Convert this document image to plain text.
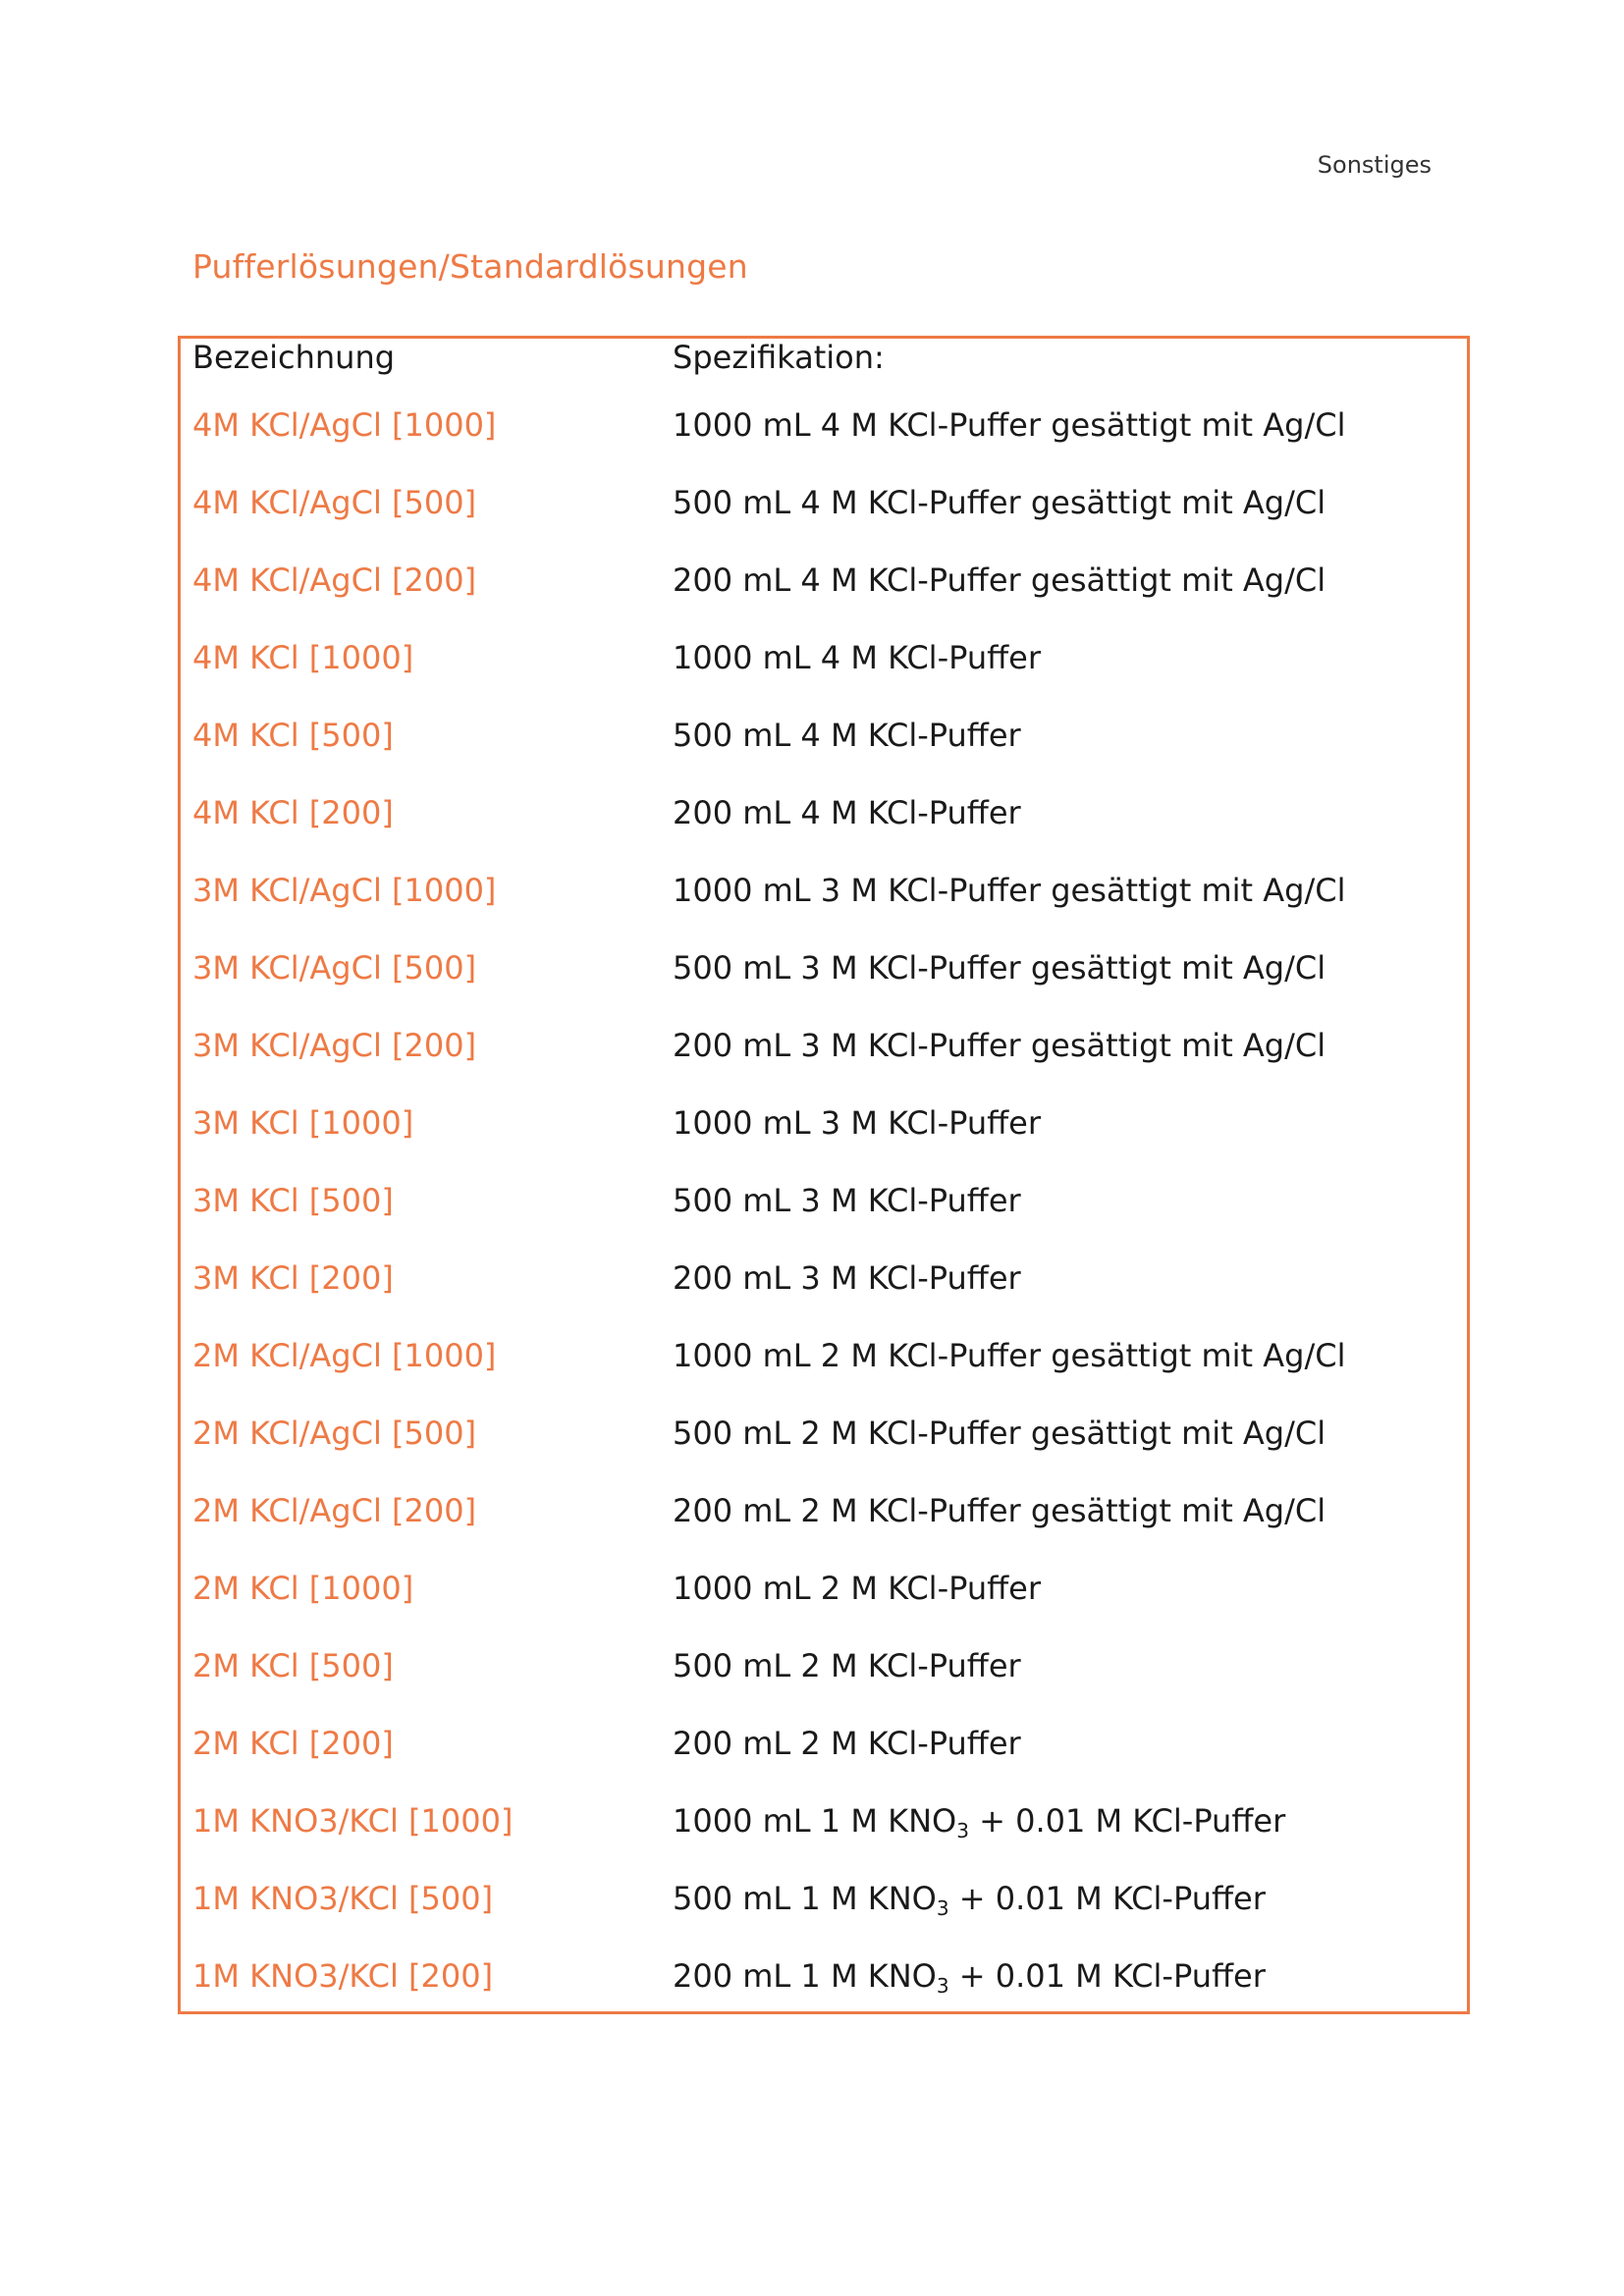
Sonstiges
Pufferlösungen/Standardlösungen
Bezeichnung	Spezifikation:
4M KCl/AgCl [1000]	1000 mL 4 M KCl-Puffer gesättigt mit Ag/Cl
4M KCl/AgCl [500]	500 mL 4 M KCl-Puffer gesättigt mit Ag/Cl
4M KCl/AgCl [200]	200 mL 4 M KCl-Puffer gesättigt mit Ag/Cl
4M KCl [1000]	1000 mL 4 M KCl-Puffer
4M KCl [500]	500 mL 4 M KCl-Puffer
4M KCl [200]	200 mL 4 M KCl-Puffer
3M KCl/AgCl [1000]	1000 mL 3 M KCl-Puffer gesättigt mit Ag/Cl
3M KCl/AgCl [500]	500 mL 3 M KCl-Puffer gesättigt mit Ag/Cl
3M KCl/AgCl [200]	200 mL 3 M KCl-Puffer gesättigt mit Ag/Cl
3M KCl [1000]	1000 mL 3 M KCl-Puffer
3M KCl [500]	500 mL 3 M KCl-Puffer
3M KCl [200]	200 mL 3 M KCl-Puffer
2M KCl/AgCl [1000]	1000 mL 2 M KCl-Puffer gesättigt mit Ag/Cl
2M KCl/AgCl [500]	500 mL 2 M KCl-Puffer gesättigt mit Ag/Cl
2M KCl/AgCl [200]	200 mL 2 M KCl-Puffer gesättigt mit Ag/Cl
2M KCl [1000]	1000 mL 2 M KCl-Puffer
2M KCl [500]	500 mL 2 M KCl-Puffer
2M KCl [200]	200 mL 2 M KCl-Puffer
1M KNO3/KCl [1000]	1000 mL 1 M $KNO_3 + 0.01$ M KCl-Puffer
1M KNO3/KCl [500]	500 mL 1 M $KNO_3 + 0.01$ M KCl-Puffer
1M KNO3/KCl [200]	200 mL 1 M $KNO_3 + 0.01$ M KCl-Puffer
